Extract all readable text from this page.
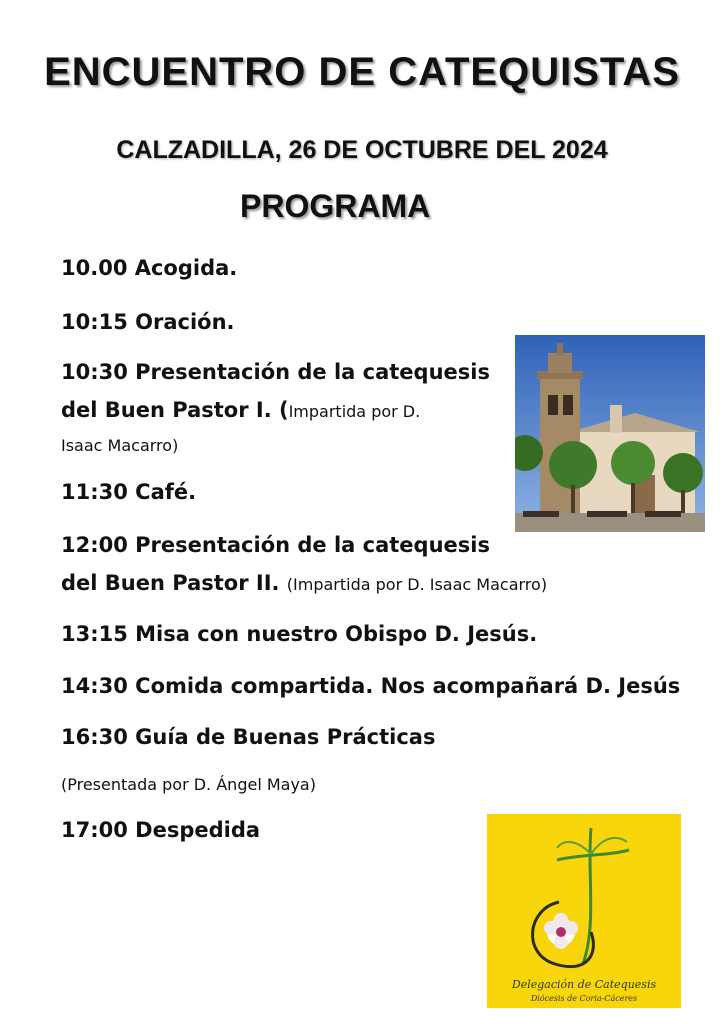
ENCUENTRO DE CATEQUISTAS
CALZADILLA, 26 DE OCTUBRE DEL 2024
PROGRAMA
10.00 Acogida.
10:15 Oración.
10:30 Presentación de la catequesis
del Buen Pastor I. (Impartida por D.
Isaac Macarro)
11:30 Café.
12:00 Presentación de la catequesis
del Buen Pastor II. (Impartida por D. Isaac Macarro)
13:15 Misa con nuestro Obispo D. Jesús.
14:30 Comida compartida. Nos acompañará D. Jesús
16:30 Guía de Buenas Prácticas
(Presentada por D. Ángel Maya)
17:00 Despedida
Delegación de Catequesis
Diócesis de Coria-Cáceres
